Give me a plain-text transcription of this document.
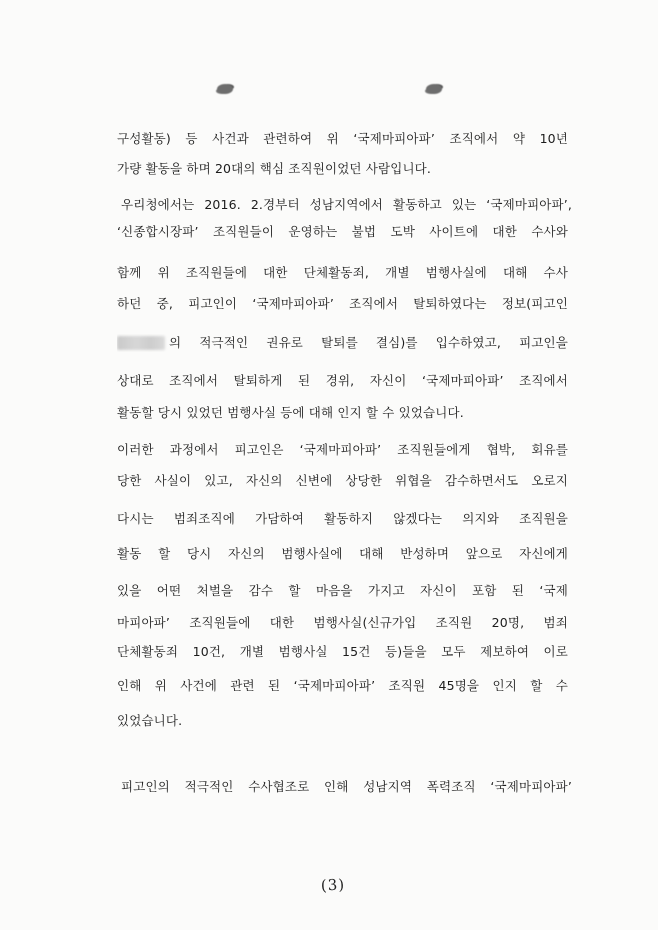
구성활동) 등 사건과 관련하여 위 ‘국제마피아파’ 조직에서 약 10년
가량 활동을 하며 20대의 핵심 조직원이었던 사람입니다.
우리청에서는 2016. 2.경부터 성남지역에서 활동하고 있는 ‘국제마피아파’,
‘신종합시장파’ 조직원들이 운영하는 불법 도박 사이트에 대한 수사와
함께 위 조직원들에 대한 단체활동죄, 개별 범행사실에 대해 수사
하던 중, 피고인이 ‘국제마피아파’ 조직에서 탈퇴하였다는 정보(피고인
의 적극적인 권유로 탈퇴를 결심)를 입수하였고, 피고인을
상대로 조직에서 탈퇴하게 된 경위, 자신이 ‘국제마피아파’ 조직에서
활동할 당시 있었던 범행사실 등에 대해 인지 할 수 있었습니다.
이러한 과정에서 피고인은 ‘국제마피아파’ 조직원들에게 협박, 회유를
당한 사실이 있고, 자신의 신변에 상당한 위협을 감수하면서도 오로지
다시는 범죄조직에 가담하여 활동하지 않겠다는 의지와 조직원을
활동 할 당시 자신의 범행사실에 대해 반성하며 앞으로 자신에게
있을 어떤 처벌을 감수 할 마음을 가지고 자신이 포함 된 ‘국제
마피아파’ 조직원들에 대한 범행사실(신규가입 조직원 20명, 범죄
단체활동죄 10건, 개별 범행사실 15건 등)들을 모두 제보하여 이로
인해 위 사건에 관련 된 ‘국제마피아파’ 조직원 45명을 인지 할 수
있었습니다.
피고인의 적극적인 수사협조로 인해 성남지역 폭력조직 ‘국제마피아파’
(3)
